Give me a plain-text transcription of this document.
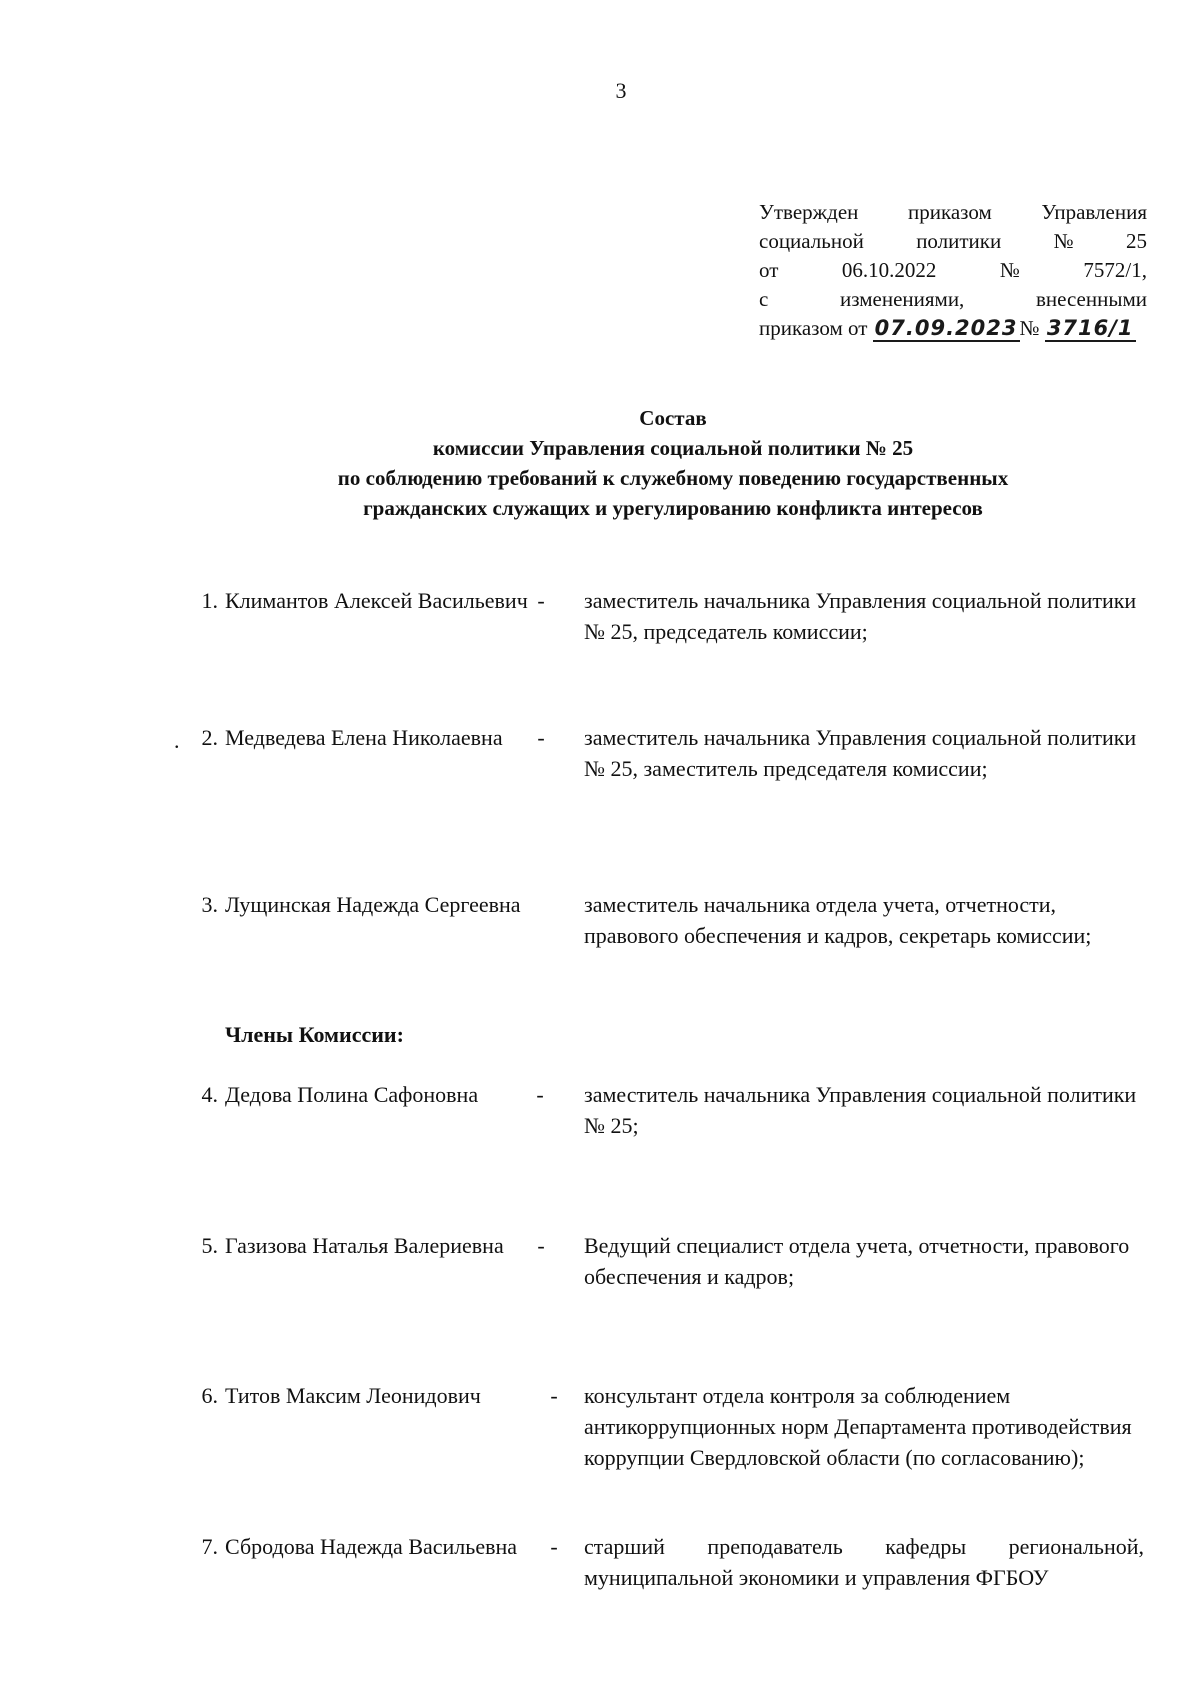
3
Утвержден приказом Управления
социальной политики № 25
от	06.10.2022	№	7572/1,
с	изменениями,	внесенными
приказом от 07.09.2023№ 3716/1
Состав
комиссии Управления социальной политики № 25
по соблюдению требований к служебному поведению государственных
гражданских служащих и урегулированию конфликта интересов
.
1. Климантов Алексей Васильевич - заместитель начальника Управления социальной политики № 25, председатель комиссии;
2. Медведева Елена Николаевна	- заместитель начальника Управления социальной политики № 25, заместитель председателя комиссии;
3. Лущинская Надежда Сергеевна	заместитель начальника отдела учета, отчетности, правового обеспечения и кадров, секретарь комиссии;
Члены Комиссии:
4. Дедова Полина Сафоновна	- заместитель начальника Управления социальной политики № 25;
5. Газизова Наталья Валериевна	- Ведущий специалист отдела учета, отчетности, правового обеспечения и кадров;
6. Титов Максим Леонидович	- консультант отдела контроля за соблюдением антикоррупционных норм Департамента противодействия коррупции Свердловской области (по согласованию);
7. Сбродова Надежда Васильевна	- старший преподаватель кафедры региональной, муниципальной экономики и управления ФГБОУ
